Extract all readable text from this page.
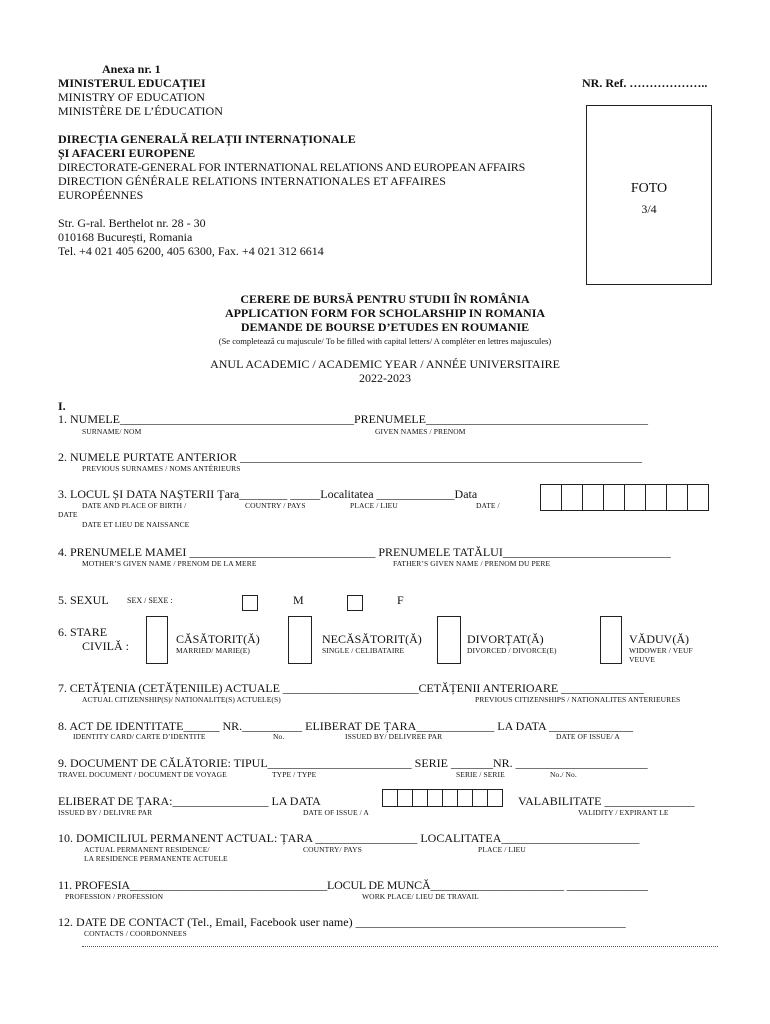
Anexa nr. 1
MINISTERUL EDUCAȚIEI
MINISTRY OF EDUCATION
MINISTÈRE DE L’ÉDUCATION
NR. Ref. ………………..
DIRECȚIA GENERALĂ RELAȚII INTERNAȚIONALE
ȘI AFACERI EUROPENE
DIRECTORATE-GENERAL FOR INTERNATIONAL RELATIONS AND EUROPEAN AFFAIRS
DIRECTION GÉNÉRALE RELATIONS INTERNATIONALES ET AFFAIRES
EUROPÉENNES
Str. G-ral. Berthelot nr. 28 - 30
010168 București, Romania
Tel. +4 021 405 6200, 405 6300, Fax. +4 021 312 6614
FOTO
3/4
CERERE DE BURSĂ PENTRU STUDII ÎN ROMÂNIA
APPLICATION FORM FOR SCHOLARSHIP IN ROMANIA
DEMANDE DE BOURSE D’ETUDES EN ROUMANIE
(Se completează cu majuscule/ To be filled with capital letters/ A compléter en lettres majuscules)
ANUL ACADEMIC / ACADEMIC YEAR / ANNÉE UNIVERSITAIRE
2022-2023
I.
1. NUMELE_______________________________________PRENUMELE_____________________________________
SURNAME/ NOM	GIVEN NAMES / PRENOM
2. NUMELE PURTATE ANTERIOR ___________________________________________________________________
PREVIOUS SURNAMES / NOMS ANTÉRIEURS
3. LOCUL ȘI DATA NAȘTERII Țara________ _____Localitatea _____________Data
DATE AND PLACE OF BIRTH /	COUNTRY / PAYS	PLACE / LIEU	DATE /
DATE
DATE ET LIEU DE NAISSANCE
4. PRENUMELE MAMEI _______________________________ PRENUMELE TATĂLUI____________________________
MOTHER’S GIVEN NAME / PRENOM DE LA MERE	FATHER’S GIVEN NAME / PRENOM DU PERE
5. SEXUL SEX / SEXE :	M	F
6. STARE
CIVILĂ :	CĂSĂTORIT(Ă)
MARRIED/ MARIE(E)
NECĂSĂTORIT(Ă)
SINGLE / CELIBATAIRE
DIVORȚAT(Ă)
DIVORCED / DIVORCE(E)
VĂDUV(Ă)
WIDOWER / VEUF
VEUVE
7. CETĂȚENIA (CETĂȚENIILE) ACTUALE _______________________CETĂȚENII ANTERIOARE ______________
ACTUAL CITIZENSHIP(S)/ NATIONALITE(S) ACTUELE(S)	PREVIOUS CITIZENSHIPS / NATIONALITES ANTERIEURES
8. ACT DE IDENTITATE______ NR.__________ ELIBERAT DE ȚARA_____________ LA DATA ______________
IDENTITY CARD/ CARTE D’IDENTITE	No.	ISSUED BY/ DELIVREE PAR	DATE OF ISSUE/ A
9. DOCUMENT DE CĂLĂTORIE: TIPUL________________________ SERIE _______NR. ______________________
TRAVEL DOCUMENT / DOCUMENT DE VOYAGE	TYPE / TYPE	SERIE / SERIE	No./ No.
ELIBERAT DE ȚARA:________________ LA DATA	VALABILITATE _______________
ISSUED BY / DELIVRE PAR	DATE OF ISSUE / A	VALIDITY / EXPIRANT LE
10. DOMICILIUL PERMANENT ACTUAL: ȚARA _________________ LOCALITATEA_______________________
ACTUAL PERMANENT RESIDENCE/	COUNTRY/ PAYS	PLACE / LIEU
LA RESIDENCE PERMANENTE ACTUELE
11. PROFESIA__________________________________LOCUL DE MUNCĂ_______________________ ______________
PROFESSION / PROFESSION	WORK PLACE/ LIEU DE TRAVAIL
12. DATE DE CONTACT (Tel., Email, Facebook user name) _____________________________________________
CONTACTS / COORDONNEES
